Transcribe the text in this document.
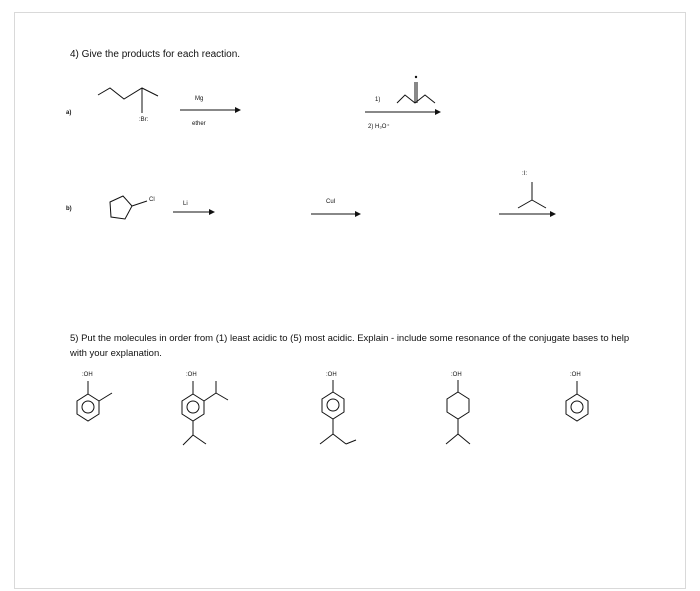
4) Give the products for each reaction.
a)
:Br:
Mg
ether
1)
2) H₃O⁺
b)
Cl
Li	CuI
:I:
5) Put the molecules in order from (1) least acidic to (5) most acidic. Explain - include some resonance of the conjugate bases to help with your explanation.
:OH	:OH	:OH	:OH	:OH
